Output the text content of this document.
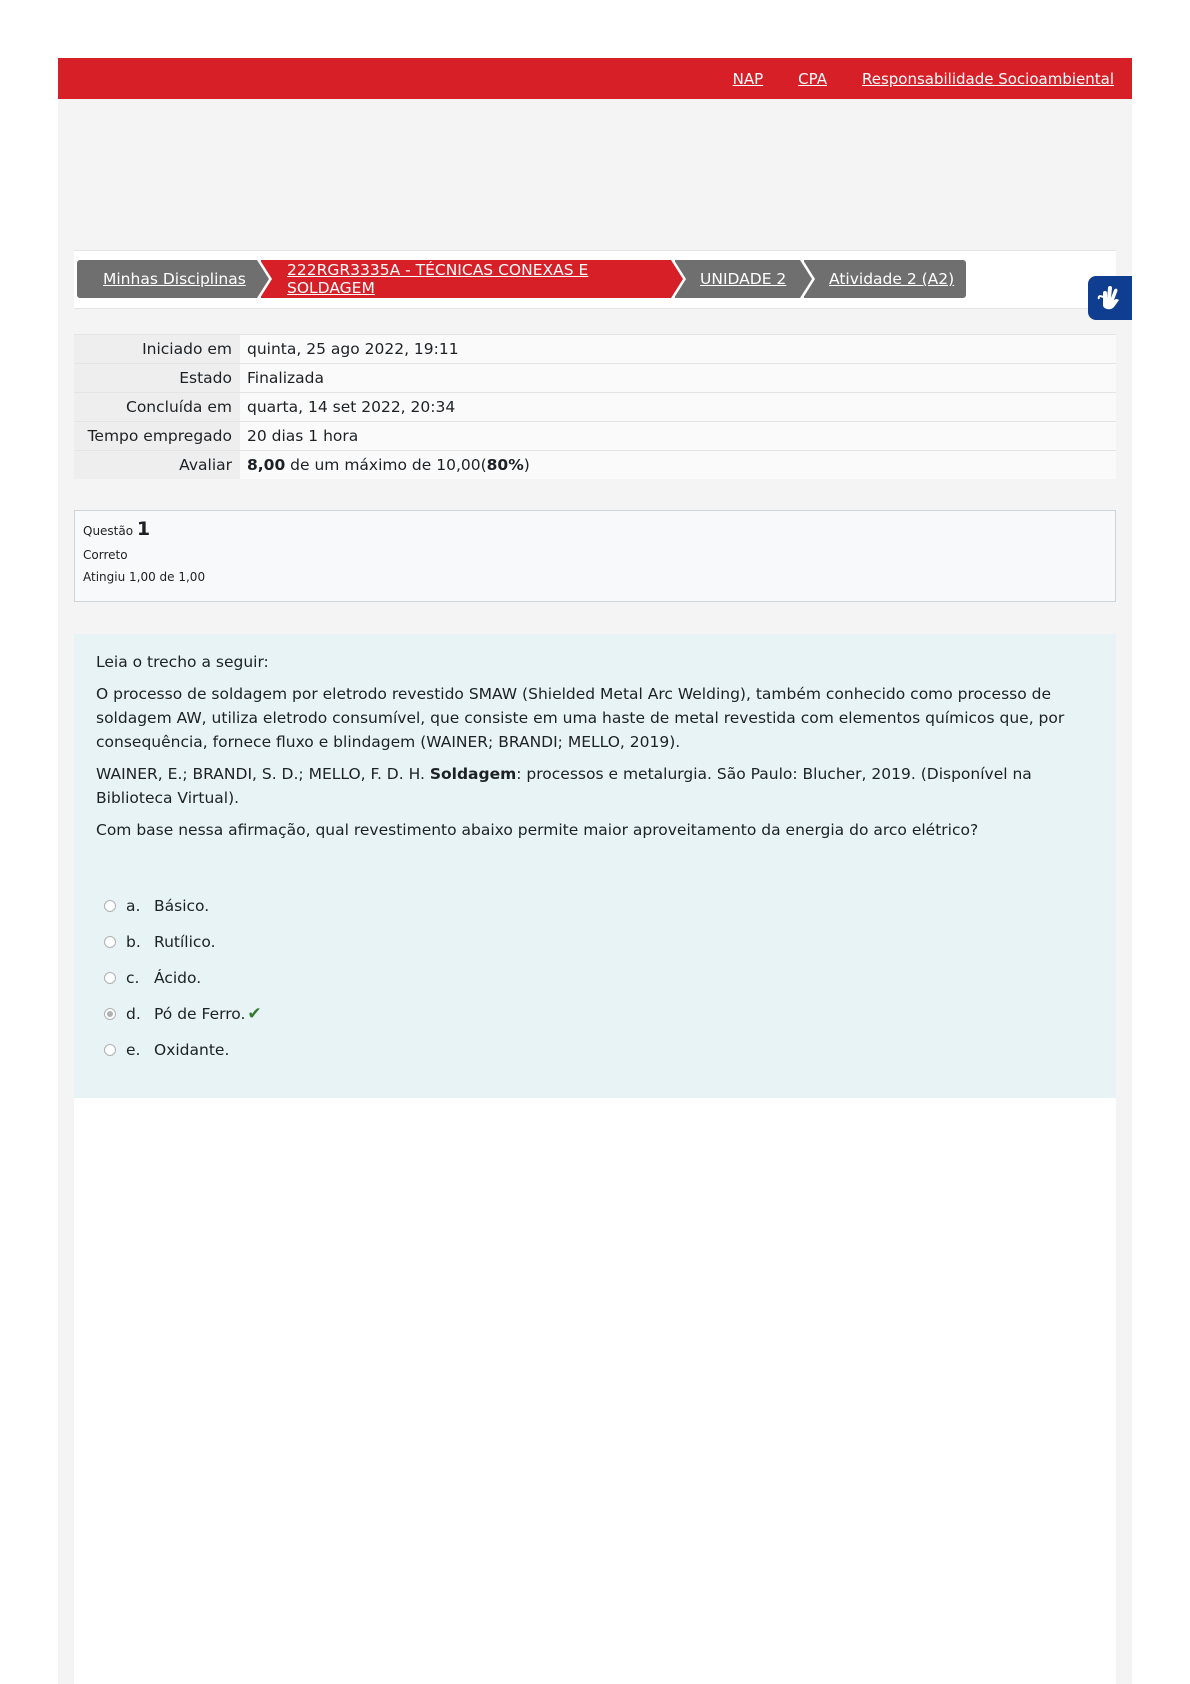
NAP CPA Responsabilidade Socioambiental
Minhas Disciplinas	222RGR3335A - TÉCNICAS CONEXAS E SOLDAGEM	UNIDADE 2	Atividade 2 (A2)
Iniciado em	quinta, 25 ago 2022, 19:11
Estado	Finalizada
Concluída em	quarta, 14 set 2022, 20:34
Tempo empregado	20 dias 1 hora
Avaliar	8,00 de um máximo de 10,00(80%)
Questão 1
Correto
Atingiu 1,00 de 1,00

Leia o trecho a seguir:

O processo de soldagem por eletrodo revestido SMAW (Shielded Metal Arc Welding), também conhecido como processo de soldagem AW, utiliza eletrodo consumível, que consiste em uma haste de metal revestida com elementos químicos que, por consequência, fornece fluxo e blindagem (WAINER; BRANDI; MELLO, 2019).

WAINER, E.; BRANDI, S. D.; MELLO, F. D. H. Soldagem: processos e metalurgia. São Paulo: Blucher, 2019. (Disponível na Biblioteca Virtual).

Com base nessa afirmação, qual revestimento abaixo permite maior aproveitamento da energia do arco elétrico?

a. Básico.
b. Rutílico.
c. Ácido.
d. Pó de Ferro. ✔
e. Oxidante.
